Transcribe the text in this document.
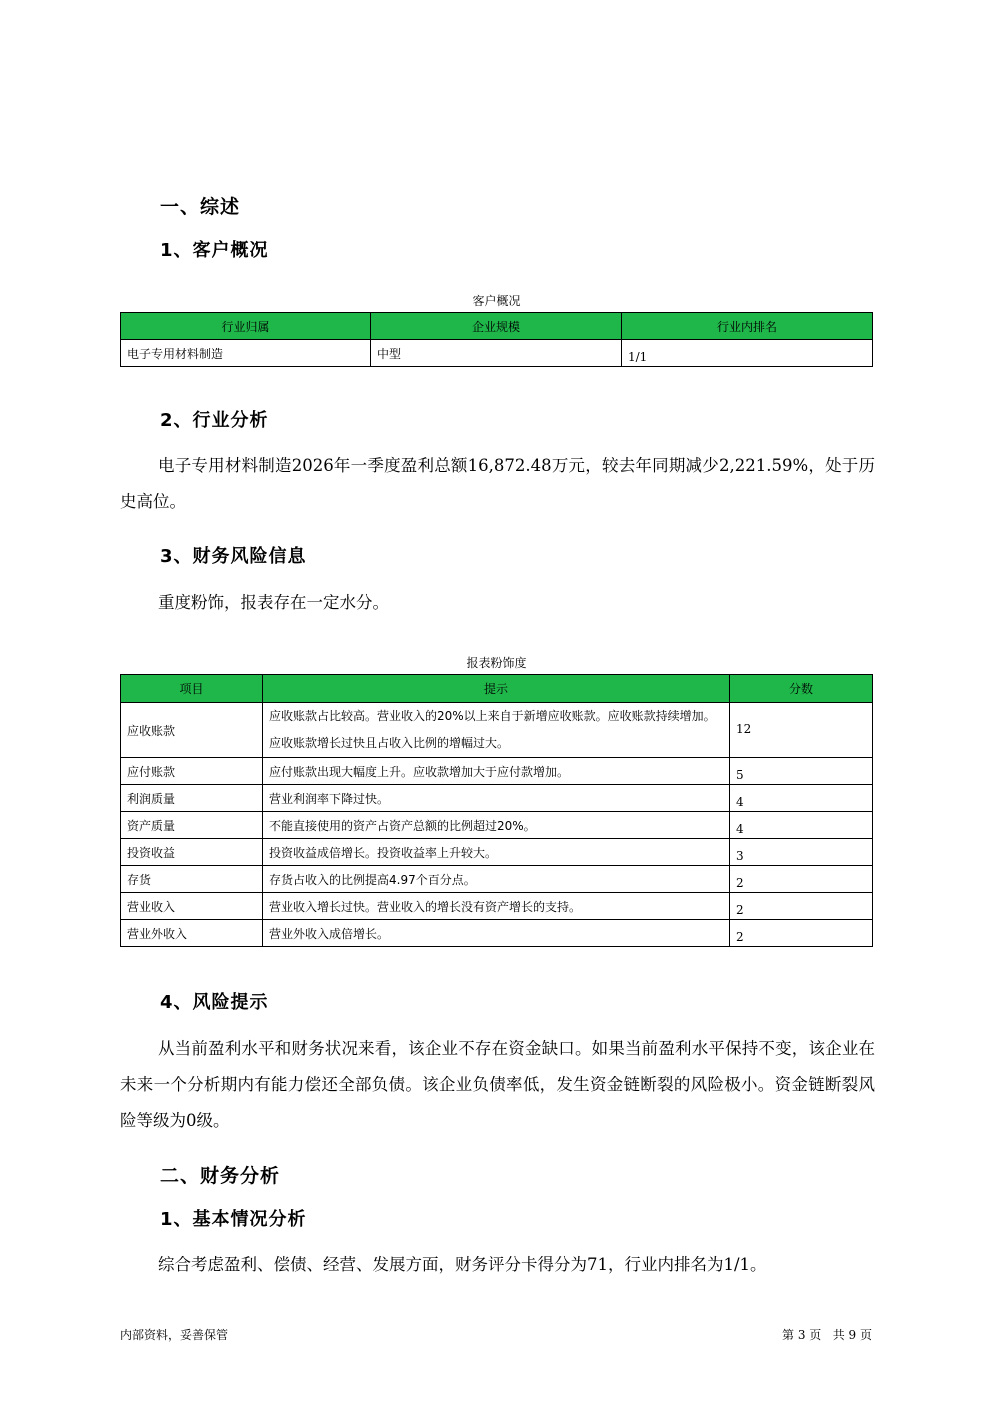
一、综述
1、客户概况
客户概况
行业归属	企业规模	行业内排名
电子专用材料制造	中型	1/1
2、行业分析
电子专用材料制造2026年一季度盈利总额16,872.48万元，较去年同期减少2,221.59%，处于历史高位。
3、财务风险信息
重度粉饰，报表存在一定水分。
报表粉饰度
项目	提示	分数
应收账款	应收账款占比较高。营业收入的20%以上来自于新增应收账款。应收账款持续增加。应收账款增长过快且占收入比例的增幅过大。	12
应付账款	应付账款出现大幅度上升。应收款增加大于应付款增加。	5
利润质量	营业利润率下降过快。	4
资产质量	不能直接使用的资产占资产总额的比例超过20%。	4
投资收益	投资收益成倍增长。投资收益率上升较大。	3
存货	存货占收入的比例提高4.97个百分点。	2
营业收入	营业收入增长过快。营业收入的增长没有资产增长的支持。	2
营业外收入	营业外收入成倍增长。	2
4、风险提示
从当前盈利水平和财务状况来看，该企业不存在资金缺口。如果当前盈利水平保持不变，该企业在未来一个分析期内有能力偿还全部负债。该企业负债率低，发生资金链断裂的风险极小。资金链断裂风险等级为0级。
二、财务分析
1、基本情况分析
综合考虑盈利、偿债、经营、发展方面，财务评分卡得分为71，行业内排名为1/1。
内部资料，妥善保管	第 3 页   共 9 页
